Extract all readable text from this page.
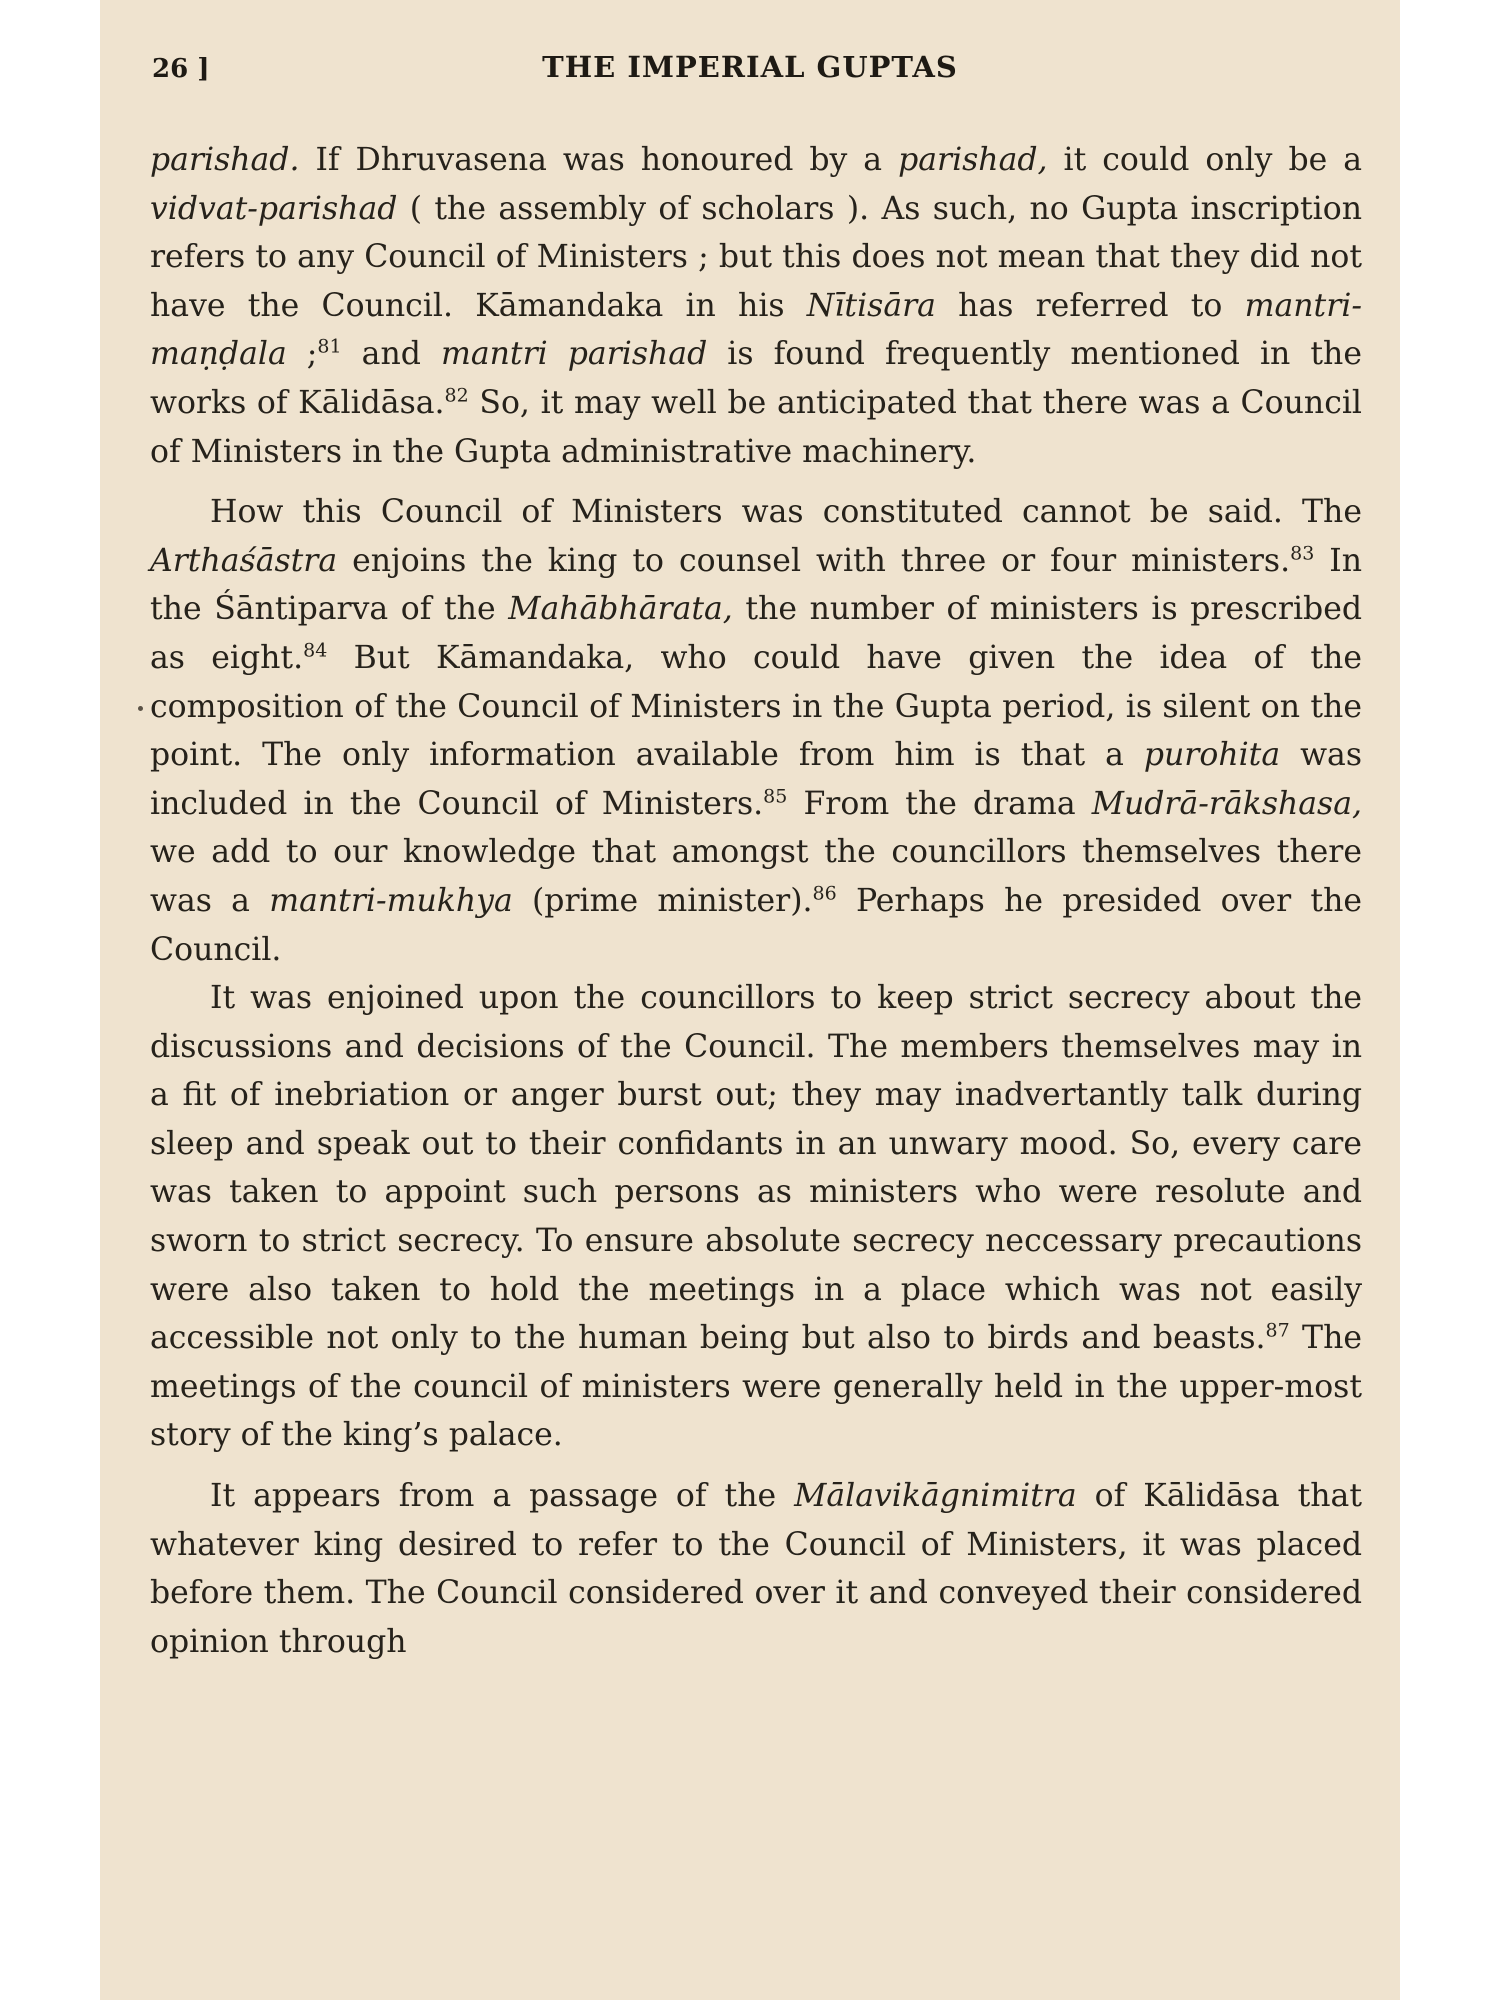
26 ]	THE IMPERIAL GUPTAS

parishad. If Dhruvasena was honoured by a parishad, it could only be a vidvat-parishad ( the assembly of scholars ). As such, no Gupta inscription refers to any Council of Ministers ; but this does not mean that they did not have the Council. Kāmandaka in his Nītisāra has referred to mantri-maṇḍala ;$^{81}$ and mantri parishad is found frequently mentioned in the works of Kālidāsa.$^{82}$ So, it may well be anticipated that there was a Council of Ministers in the Gupta administrative machinery.

How this Council of Ministers was constituted cannot be said. The Arthaśāstra enjoins the king to counsel with three or four ministers.$^{83}$ In the Śāntiparva of the Mahābhārata, the number of ministers is prescribed as eight.$^{84}$ But Kāmandaka, who could have given the idea of the composition of the Council of Ministers in the Gupta period, is silent on the point. The only information available from him is that a purohita was included in the Council of Ministers.$^{85}$ From the drama Mudrā-rākshasa, we add to our knowledge that amongst the councillors themselves there was a mantri-mukhya (prime minister).$^{86}$ Perhaps he presided over the Council.

It was enjoined upon the councillors to keep strict secrecy about the discussions and decisions of the Council. The members themselves may in a fit of inebriation or anger burst out; they may inadvertantly talk during sleep and speak out to their confidants in an unwary mood. So, every care was taken to appoint such persons as ministers who were resolute and sworn to strict secrecy. To ensure absolute secrecy neccessary precautions were also taken to hold the meetings in a place which was not easily accessible not only to the human being but also to birds and beasts.$^{87}$ The meetings of the council of ministers were generally held in the upper-most story of the king’s palace.

It appears from a passage of the Mālavikāgnimitra of Kālidāsa that whatever king desired to refer to the Council of Ministers, it was placed before them. The Council considered over it and conveyed their considered opinion through
